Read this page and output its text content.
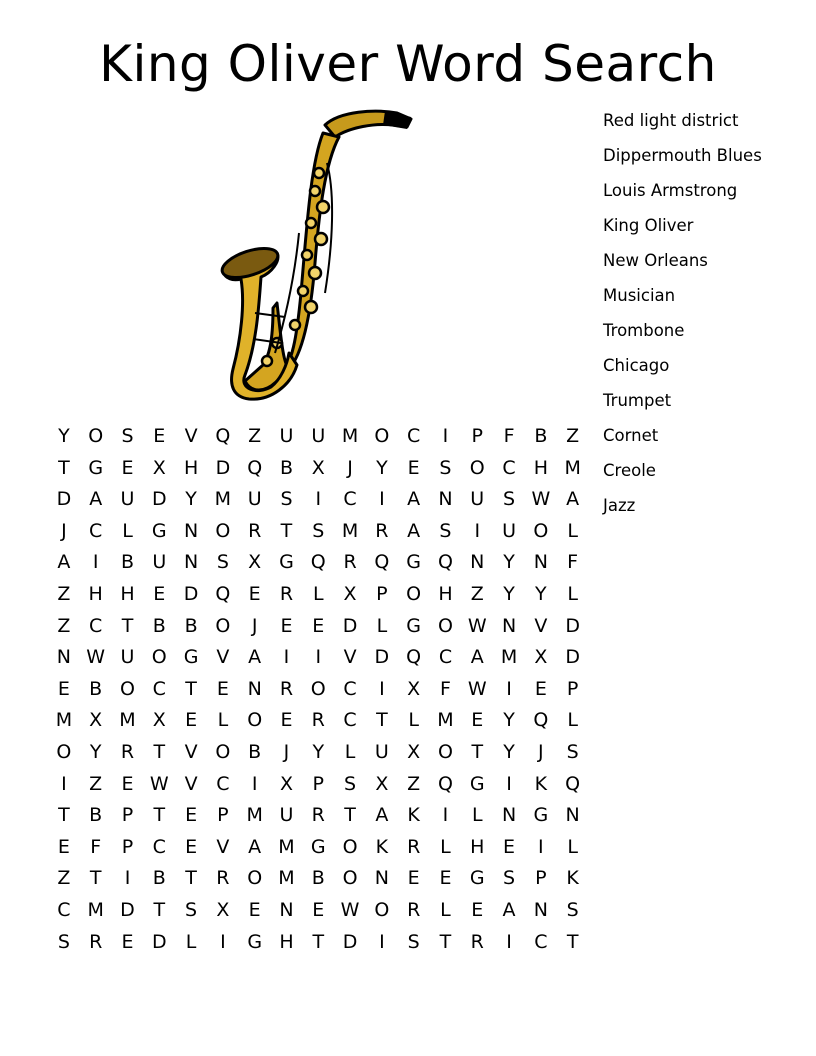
King Oliver Word Search
Y O S	E	V Q Z U U M O C	I	P	F	B Z
T G E	X H D Q B X	J	Y	E	S O C H M
D A U D Y M U S	I	C	I	A N U S W A
J	C	L	G N O R	T	S M R A	S	I	U O	L
A	I	B U N S	X G Q R Q G Q N Y N	F
Z H H E D Q E	R	L	X	P O H Z	Y	Y	L
Z C	T	B B O	J	E	E D	L	G O W N V D
N W U O G V A	I	I	V D Q C A M X D
E	B O C	T	E N R O C	I	X	F W	I	E	P
M X M X	E	L	O E	R C	T	L M E	Y Q	L
O Y	R	T	V O B	J	Y	L	U X O T	Y	J	S
I	Z	E W V C	I	X	P	S	X Z Q G	I	K Q
T	B	P	T	E	P M U R	T	A	K	I	L	N G N
E	F	P	C	E	V A M G O K R	L	H E	I	L
Z	T	I	B	T	R O M B O N E	E G S	P	K
C M D T	S	X	E N E W O R	L	E	A N S
S	R	E D	L	I	G H T D	I	S	T	R	I	C	T
Red light district
Dippermouth Blues
Louis Armstrong
King Oliver
New Orleans
Musician
Trombone
Chicago
Trumpet
Cornet
Creole
Jazz
